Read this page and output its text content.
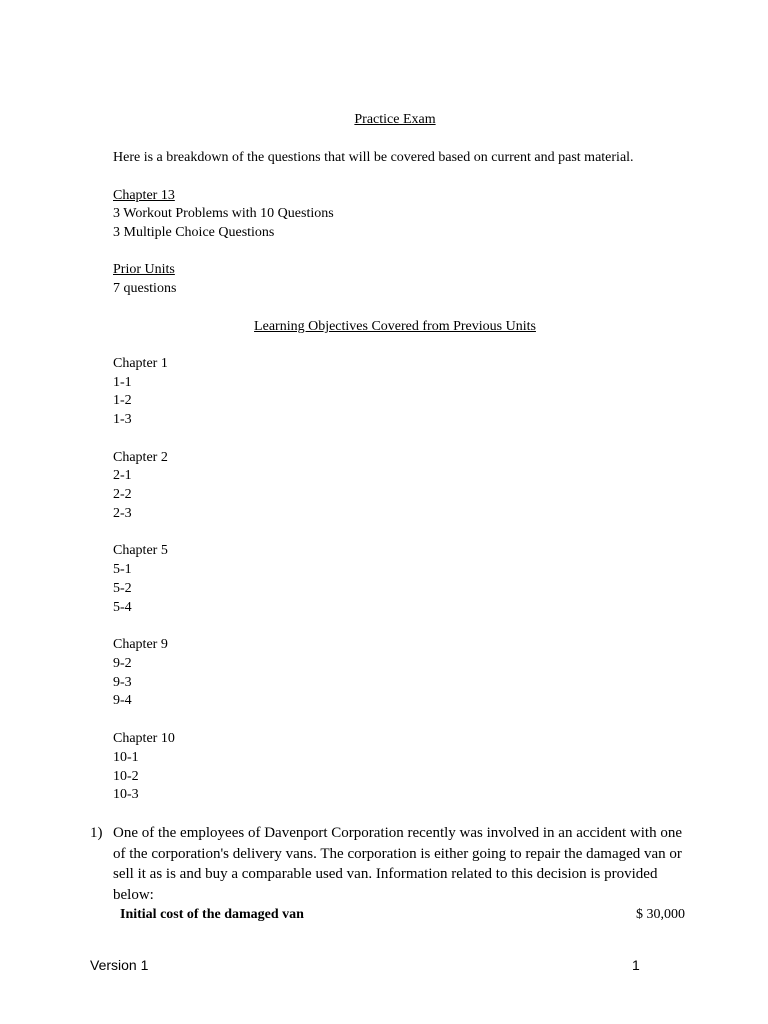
Practice Exam
Here is a breakdown of the questions that will be covered based on current and past material.
Chapter 13
3 Workout Problems with 10 Questions
3 Multiple Choice Questions
Prior Units
7 questions
Learning Objectives Covered from Previous Units
Chapter 1
1-1
1-2
1-3
Chapter 2
2-1
2-2
2-3
Chapter 5
5-1
5-2
5-4
Chapter 9
9-2
9-3
9-4
Chapter 10
10-1
10-2
10-3
1) One of the employees of Davenport Corporation recently was involved in an accident with one of the corporation's delivery vans. The corporation is either going to repair the damaged van or sell it as is and buy a comparable used van. Information related to this decision is provided below:
Initial cost of the damaged van	$ 30,000
Version 1	1
